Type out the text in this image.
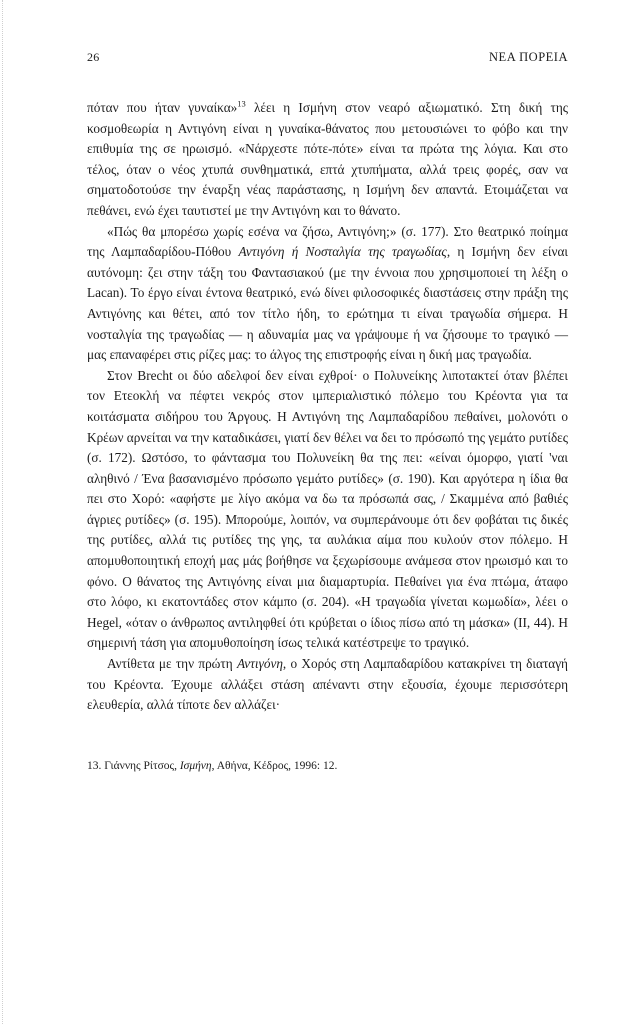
26	ΝΕΑ ΠΟΡΕΙΑ

πόταν που ήταν γυναίκα»$^{13}$ λέει η Ισμήνη στον νεαρό αξιωματικό. Στη δική της κοσμοθεωρία η Αντιγόνη είναι η γυναίκα-θάνατος που μετουσιώνει το φόβο και την επιθυμία της σε ηρωισμό. «Νάρχεστε πότε-πότε» είναι τα πρώτα της λόγια. Και στο τέλος, όταν ο νέος χτυπά συνθηματικά, επτά χτυπήματα, αλλά τρεις φορές, σαν να σηματοδοτούσε την έναρξη νέας παράστασης, η Ισμήνη δεν απαντά. Ετοιμάζεται να πεθάνει, ενώ έχει ταυτιστεί με την Αντιγόνη και το θάνατο.

«Πώς θα μπορέσω χωρίς εσένα να ζήσω, Αντιγόνη;» (σ. 177). Στο θεατρικό ποίημα της Λαμπαδαρίδου-Πόθου Αντιγόνη ή Νοσταλγία της τραγωδίας, η Ισμήνη δεν είναι αυτόνομη: ζει στην τάξη του Φαντασιακού (με την έννοια που χρησιμοποιεί τη λέξη ο Lacan). Το έργο είναι έντονα θεατρικό, ενώ δίνει φιλοσοφικές διαστάσεις στην πράξη της Αντιγόνης και θέτει, από τον τίτλο ήδη, το ερώτημα τι είναι τραγωδία σήμερα. Η νοσταλγία της τραγωδίας — η αδυναμία μας να γράψουμε ή να ζήσουμε το τραγικό — μας επαναφέρει στις ρίζες μας: το άλγος της επιστροφής είναι η δική μας τραγωδία.

Στον Brecht οι δύο αδελφοί δεν είναι εχθροί· ο Πολυνείκης λιποτακτεί όταν βλέπει τον Ετεοκλή να πέφτει νεκρός στον ιμπεριαλιστικό πόλεμο του Κρέοντα για τα κοιτάσματα σιδήρου του Άργους. Η Αντιγόνη της Λαμπαδαρίδου πεθαίνει, μολονότι ο Κρέων αρνείται να την καταδικάσει, γιατί δεν θέλει να δει το πρόσωπό της γεμάτο ρυτίδες (σ. 172). Ωστόσο, το φάντασμα του Πολυνείκη θα της πει: «είναι όμορφο, γιατί 'ναι αληθινό / Ένα βασανισμένο πρόσωπο γεμάτο ρυτίδες» (σ. 190). Και αργότερα η ίδια θα πει στο Χορό: «αφήστε με λίγο ακόμα να δω τα πρόσωπά σας, / Σκαμμένα από βαθιές άγριες ρυτίδες» (σ. 195). Μπορούμε, λοιπόν, να συμπεράνουμε ότι δεν φοβάται τις δικές της ρυτίδες, αλλά τις ρυτίδες της γης, τα αυλάκια αίμα που κυλούν στον πόλεμο. Η απομυθοποιητική εποχή μας μάς βοήθησε να ξεχωρίσουμε ανάμεσα στον ηρωισμό και το φόνο. Ο θάνατος της Αντιγόνης είναι μια διαμαρτυρία. Πεθαίνει για ένα πτώμα, άταφο στο λόφο, κι εκατοντάδες στον κάμπο (σ. 204). «Η τραγωδία γίνεται κωμωδία», λέει ο Hegel, «όταν ο άνθρωπος αντιληφθεί ότι κρύβεται ο ίδιος πίσω από τη μάσκα» (II, 44). Η σημερινή τάση για απομυθοποίηση ίσως τελικά κατέστρεψε το τραγικό.

Αντίθετα με την πρώτη Αντιγόνη, ο Χορός στη Λαμπαδαρίδου κατακρίνει τη διαταγή του Κρέοντα. Έχουμε αλλάξει στάση απέναντι στην εξουσία, έχουμε περισσότερη ελευθερία, αλλά τίποτε δεν αλλάζει·

13. Γιάννης Ρίτσος, Ισμήνη, Αθήνα, Κέδρος, 1996: 12.
